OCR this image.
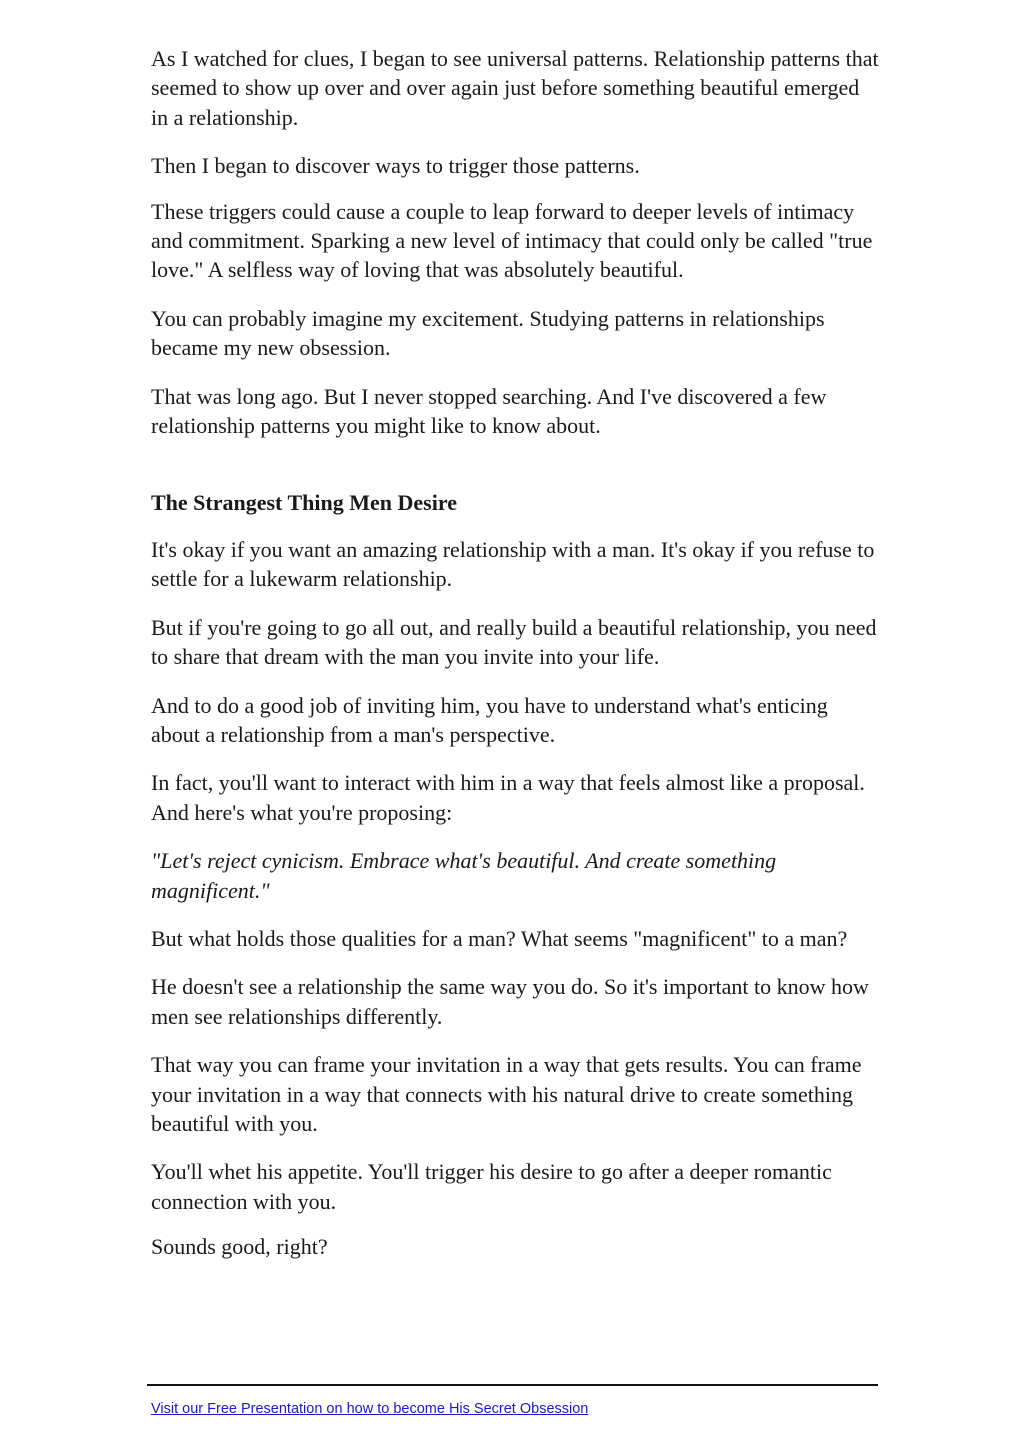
As I watched for clues, I began to see universal patterns. Relationship patterns that seemed to show up over and over again just before something beautiful emerged in a relationship.

Then I began to discover ways to trigger those patterns.

These triggers could cause a couple to leap forward to deeper levels of intimacy and commitment. Sparking a new level of intimacy that could only be called "true love." A selfless way of loving that was absolutely beautiful.

You can probably imagine my excitement. Studying patterns in relationships became my new obsession.

That was long ago. But I never stopped searching. And I've discovered a few relationship patterns you might like to know about.

The Strangest Thing Men Desire

It's okay if you want an amazing relationship with a man. It's okay if you refuse to settle for a lukewarm relationship.

But if you're going to go all out, and really build a beautiful relationship, you need to share that dream with the man you invite into your life.

And to do a good job of inviting him, you have to understand what's enticing about a relationship from a man's perspective.

In fact, you'll want to interact with him in a way that feels almost like a proposal. And here's what you're proposing:

"Let's reject cynicism. Embrace what's beautiful. And create something magnificent."

But what holds those qualities for a man? What seems "magnificent" to a man?

He doesn't see a relationship the same way you do. So it's important to know how men see relationships differently.

That way you can frame your invitation in a way that gets results. You can frame your invitation in a way that connects with his natural drive to create something beautiful with you.

You'll whet his appetite. You'll trigger his desire to go after a deeper romantic connection with you.

Sounds good, right?

Visit our Free Presentation on how to become His Secret Obsession
